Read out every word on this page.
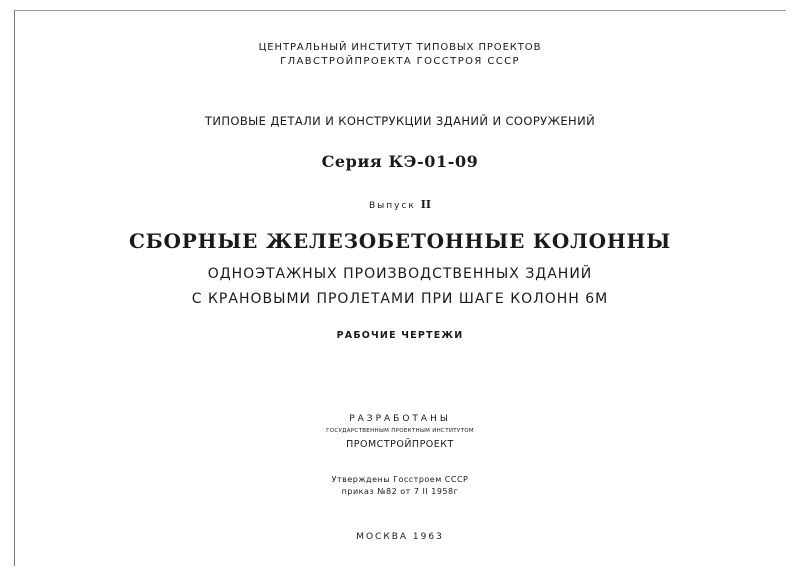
ЦЕНТРАЛЬНЫЙ ИНСТИТУТ ТИПОВЫХ ПРОЕКТОВ
ГЛАВСТРОЙПРОЕКТА ГОССТРОЯ СССР
ТИПОВЫЕ ДЕТАЛИ И КОНСТРУКЦИИ ЗДАНИЙ И СООРУЖЕНИЙ
Серия КЭ-01-09
Выпуск II
СБОРНЫЕ ЖЕЛЕЗОБЕТОННЫЕ КОЛОННЫ
ОДНОЭТАЖНЫХ ПРОИЗВОДСТВЕННЫХ ЗДАНИЙ
С КРАНОВЫМИ ПРОЛЕТАМИ ПРИ ШАГЕ КОЛОНН 6М
РАБОЧИЕ ЧЕРТЕЖИ
РАЗРАБОТАНЫ
ГОСУДАРСТВЕННЫМ ПРОЕКТНЫМ ИНСТИТУТОМ
ПРОМСТРОЙПРОЕКТ
Утверждены Госстроем СССР
приказ №82 от 7 II 1958г
МОСКВА 1963
